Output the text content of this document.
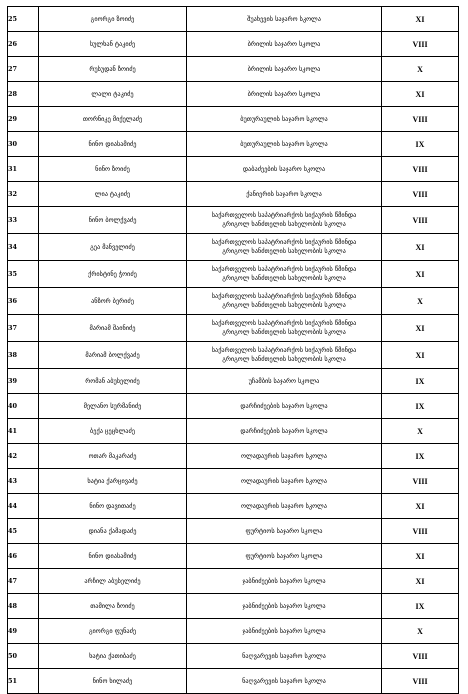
25	გიორგი ზოიძე	შუახევის საჯარო სკოლა	XI
26	სულხან ტაკიძე	ბრილის საჯარო სკოლა	VIII
27	რუსუდან ზოიძე	ბრილის საჯარო სკოლა	X
28	ლალი ტაკიძე	ბრილის საჯარო სკოლა	XI
29	თორნიკე მიქელაძე	ბუთურაულის საჯარო სკოლა	VIII
30	ნინო დიასამიძე	ბუთურაულის საჯარო სკოლა	IX
31	ნინო ზოიძე	დაბაძეების საჯარო სკოლა	VIII
32	ლია ტაკიძე	ქანიერის საჯარო სკოლა	VIII
33	ნინო ბოლქვაძე	საქართველოს საპატრიარქოს სიქაურის წმინდა
გრიგოლ ხანძთელის სახელობის სკოლა	VIII
34	გეა მანველიძე	საქართველოს საპატრიარქოს სიქაურის წმინდა
გრიგოლ ხანძთელის სახელობის სკოლა	XI
35	ქრისტინე ჭოიძე	საქართველოს საპატრიარქოს სიქაურის წმინდა
გრიგოლ ხანძთელის სახელობის სკოლა	XI
36	ანზორ ბერიძე	საქართველოს საპატრიარქოს სიქაურის წმინდა
გრიგოლ ხანძთელის სახელობის სკოლა	X
37	მარიამ შაინიძე	საქართველოს საპატრიარქოს სიქაურის წმინდა
გრიგოლ ხანძთელის სახელობის სკოლა	XI
38	მარიამ ბოლქვაძე	საქართველოს საპატრიარქოს სიქაურის წმინდა
გრიგოლ ხანძთელის სახელობის სკოლა	XI
39	რომან აბუსელიძე	უჩამბის საჯარო სკოლა	IX
40	მელანო სურმანიძე	დარჩიძეების საჯარო სკოლა	IX
41	ბექა ცეცხლაძე	დარჩიძეების საჯარო სკოლა	X
42	ოთარ მაკარაძე	ოლადაურის საჯარო სკოლა	IX
43	ხატია ქარცივაძე	ოლადაურის საჯარო სკოლა	VIII
44	ნინო დავითაძე	ოლადაურის საჯარო სკოლა	XI
45	დიანა ქამადაძე	ფურტიოს საჯარო სკოლა	VIII
46	ნინო დიასამიძე	ფურტიოს საჯარო სკოლა	XI
47	არჩილ აბუსელიძე	ჯაბნიძეების საჯარო სკოლა	XI
48	თამილა ზოიძე	ჯაბნიძეების საჯარო სკოლა	IX
49	გიორგი ფუნაძე	ჯაბნიძეების საჯარო სკოლა	X
50	ხატია ქათიბაძე	ნაღვარევის საჯარო სკოლა	VIII
51	ნინო ხილაძე	ნაღვარევის საჯარო სკოლა	VIII
